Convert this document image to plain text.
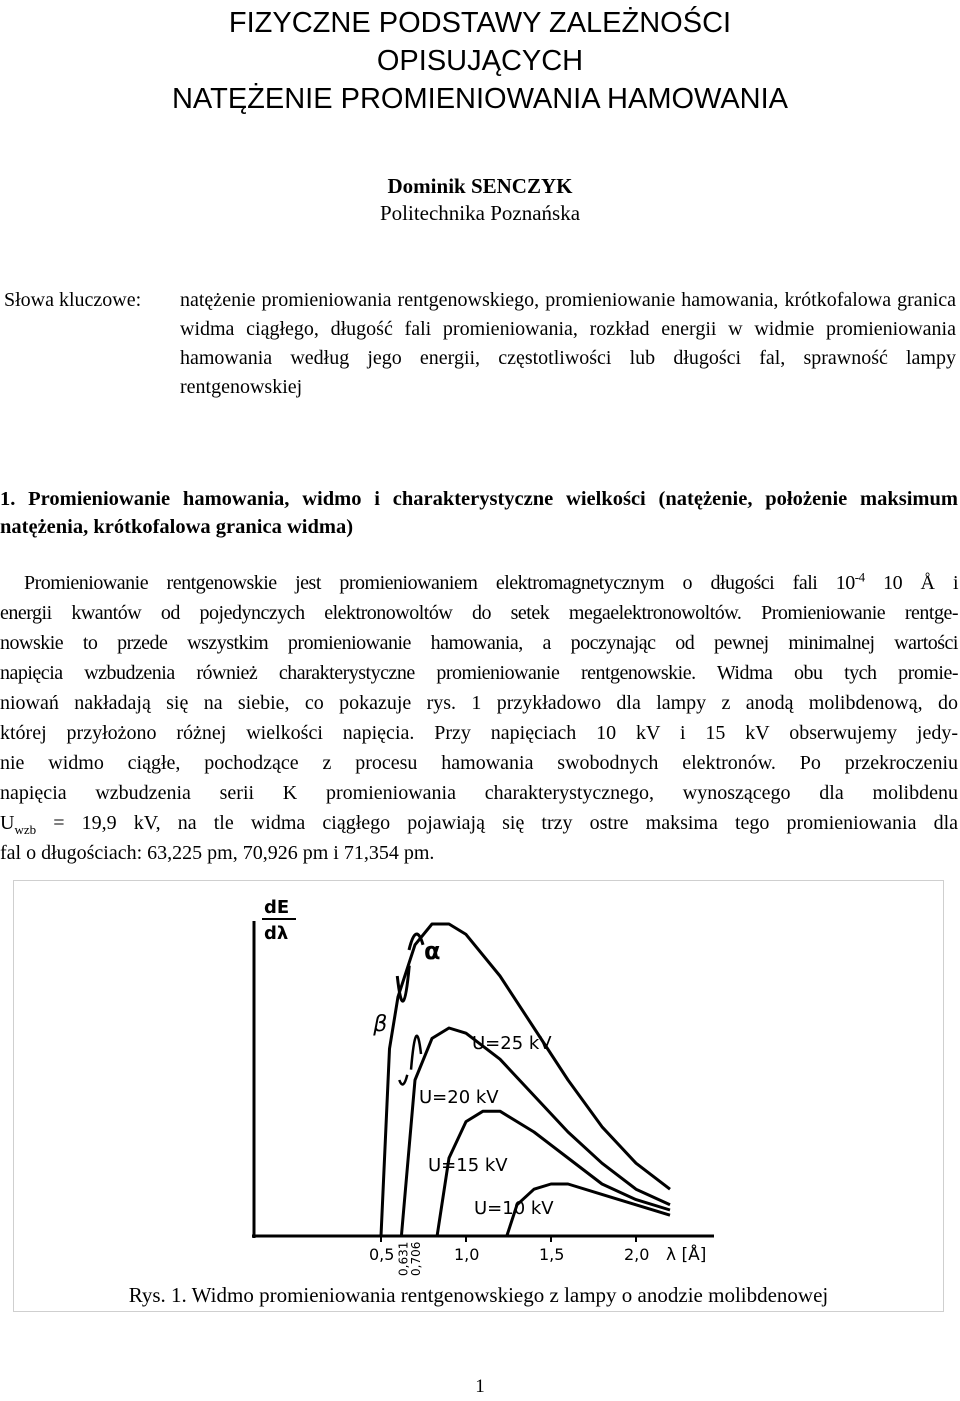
FIZYCZNE PODSTAWY ZALEŻNOŚCI
OPISUJĄCYCH
NATĘŻENIE PROMIENIOWANIA HAMOWANIA
Dominik SENCZYK
Politechnika Poznańska
Słowa kluczowe:	natężenie promieniowania rentgenowskiego, promieniowanie hamowania, krótkofalowa granica widma ciągłego, długość fali promieniowania, rozkład energii w widmie promieniowania hamowania według jego energii, częstotliwości lub długości fal, sprawność lampy rentgenowskiej

1. Promieniowanie hamowania, widmo i charakterystyczne wielkości (natężenie, położenie maksimum natężenia, krótkofalowa granica widma)

Promieniowanie rentgenowskie jest promieniowaniem elektromagnetycznym o długości fali $10^{-4}$ 10 Å i
energii kwantów od pojedynczych elektronowoltów do setek megaelektronowoltów. Promieniowanie rentge-
nowskie to przede wszystkim promieniowanie hamowania, a poczynając od pewnej minimalnej wartości
napięcia wzbudzenia również charakterystyczne promieniowanie rentgenowskie. Widma obu tych promie-
niowań nakładają się na siebie, co pokazuje rys. 1 przykładowo dla lampy z anodą molibdenową, do
której przyłożono różnej wielkości napięcia. Przy napięciach 10 kV i 15 kV obserwujemy jedy-
nie widmo ciągłe, pochodzące z procesu hamowania swobodnych elektronów. Po przekroczeniu
napięcia wzbudzenia serii K promieniowania charakterystycznego, wynoszącego dla molibdenu
$U_{wzb} = 19,9$ kV, na tle widma ciągłego pojawiają się trzy ostre maksima tego promieniowania dla
fal o długościach: 63,225 pm, 70,926 pm i 71,354 pm.
dE
dλ
0,5	1,0	1,5	2,0
0,631
0,706	λ [Å]
α
β
U=25 kV
U=20 kV
U=15 kV
U=10 kV
Rys. 1. Widmo promieniowania rentgenowskiego z lampy o anodzie molibdenowej
1
